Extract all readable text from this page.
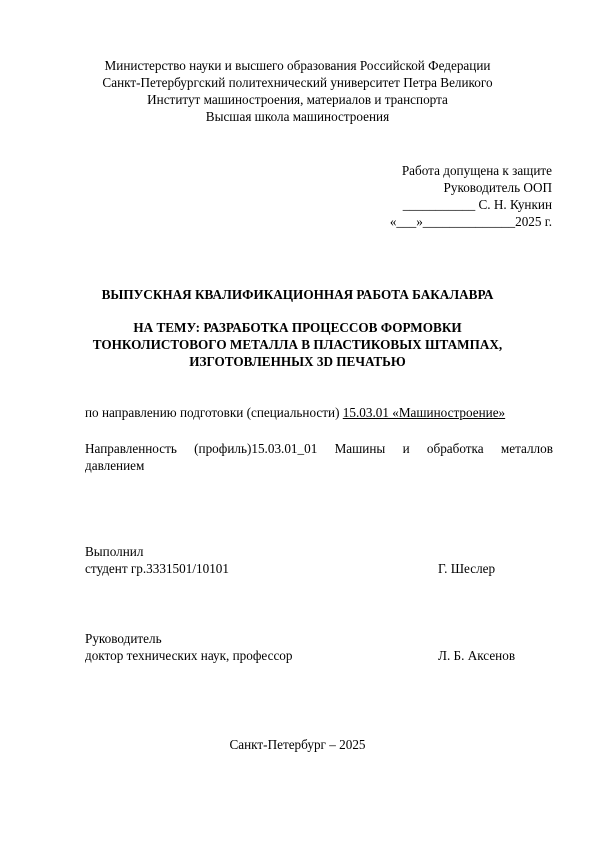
Министерство науки и высшего образования Российской Федерации
Санкт-Петербургский политехнический университет Петра Великого
Институт машиностроения, материалов и транспорта
Высшая школа машиностроения
Работа допущена к защите
Руководитель ООП
___________ С. Н. Кункин
«___»______________2025 г.
ВЫПУСКНАЯ КВАЛИФИКАЦИОННАЯ РАБОТА БАКАЛАВРА
НА ТЕМУ: РАЗРАБОТКА ПРОЦЕССОВ ФОРМОВКИ
ТОНКОЛИСТОВОГО МЕТАЛЛА В ПЛАСТИКОВЫХ ШТАМПАХ,
ИЗГОТОВЛЕННЫХ 3D ПЕЧАТЬЮ
по направлению подготовки (специальности) 15.03.01 «Машиностроение»
Направленность (профиль)15.03.01_01 Машины и обработка металлов
давлением
Выполнил
студент гр.3331501/10101	Г. Шеслер
Руководитель
доктор технических наук, профессор	Л. Б. Аксенов
Санкт-Петербург – 2025
